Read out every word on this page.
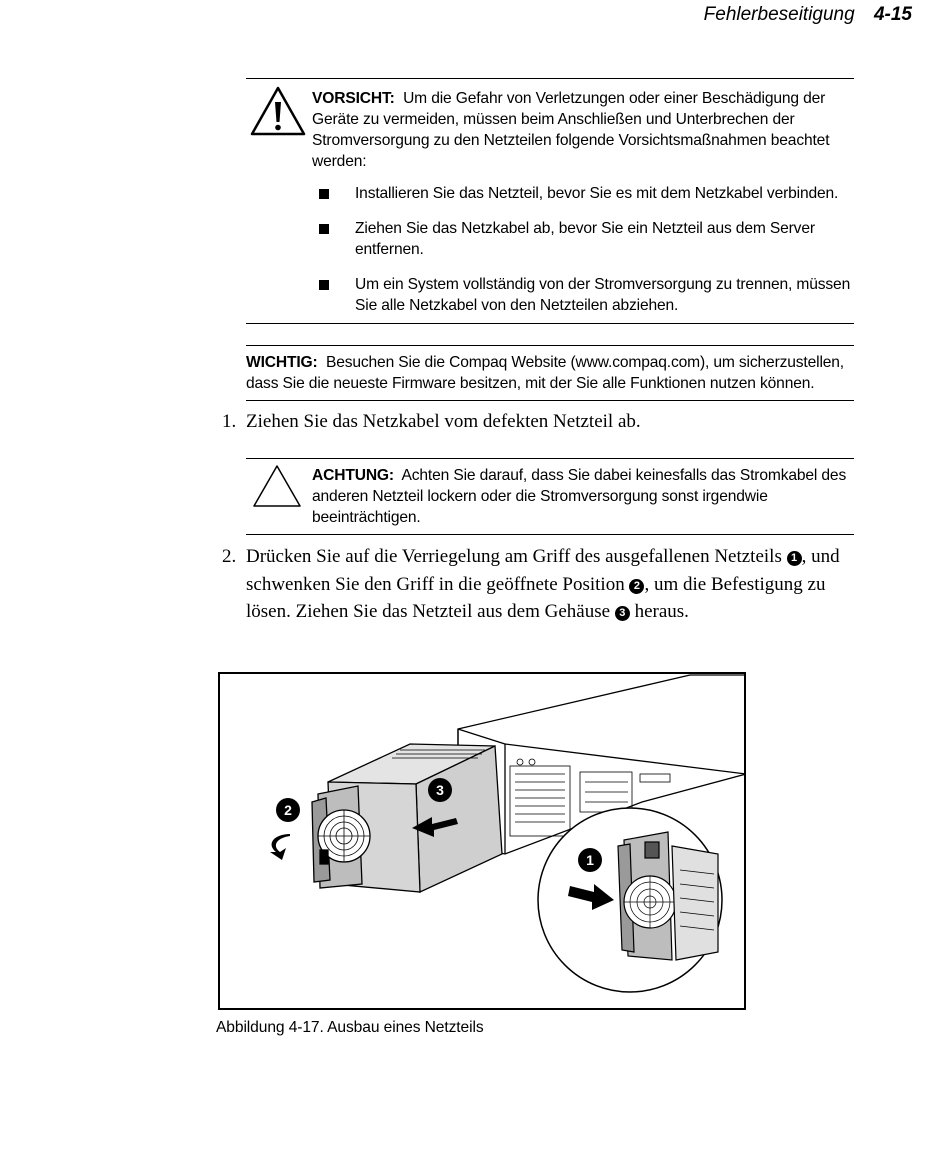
Fehlerbeseitigung 4-15
VORSICHT: Um die Gefahr von Verletzungen oder einer Beschädigung der Geräte zu vermeiden, müssen beim Anschließen und Unterbrechen der Stromversorgung zu den Netzteilen folgende Vorsichtsmaßnahmen beachtet werden:
Installieren Sie das Netzteil, bevor Sie es mit dem Netzkabel verbinden.
Ziehen Sie das Netzkabel ab, bevor Sie ein Netzteil aus dem Server entfernen.
Um ein System vollständig von der Stromversorgung zu trennen, müssen Sie alle Netzkabel von den Netzteilen abziehen.
WICHTIG: Besuchen Sie die Compaq Website (www.compaq.com), um sicherzustellen, dass Sie die neueste Firmware besitzen, mit der Sie alle Funktionen nutzen können.
1. Ziehen Sie das Netzkabel vom defekten Netzteil ab.
ACHTUNG: Achten Sie darauf, dass Sie dabei keinesfalls das Stromkabel des anderen Netzteil lockern oder die Stromversorgung sonst irgendwie beeinträchtigen.
2. Drücken Sie auf die Verriegelung am Griff des ausgefallenen Netzteils 1 , und schwenken Sie den Griff in die geöffnete Position 2 , um die Befestigung zu lösen. Ziehen Sie das Netzteil aus dem Gehäuse 3 heraus.
3
2
1
Abbildung 4-17. Ausbau eines Netzteils
